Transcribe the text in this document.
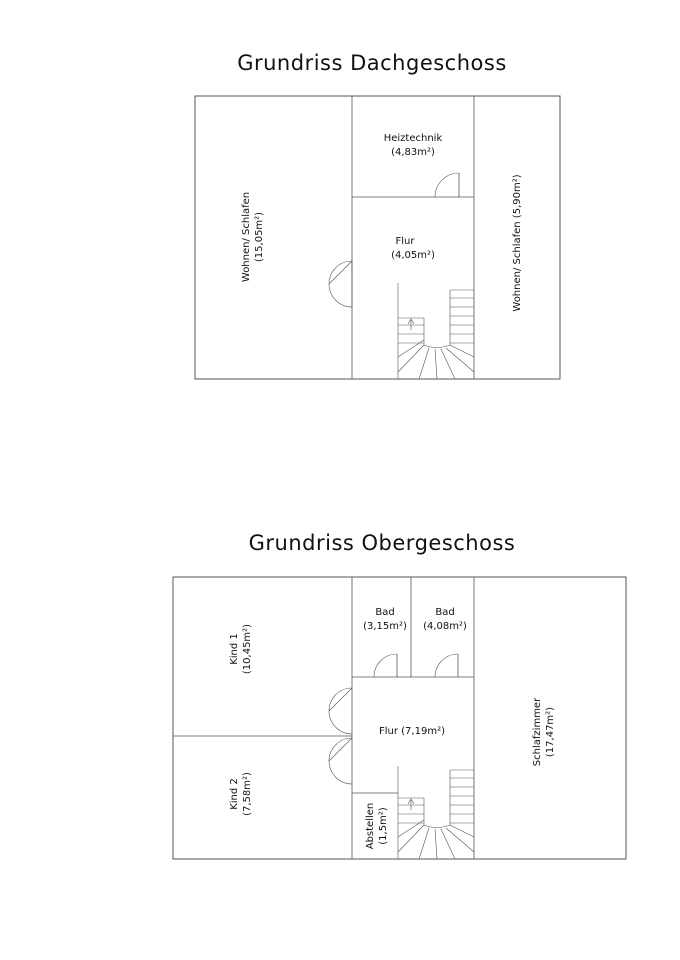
Grundriss Dachgeschoss
Heiztechnik
(4,83m²)
Flur
(4,05m²)
Wohnen/ Schlafen (15,05m²)	Wohnen/ Schlafen (5,90m²)
Grundriss Obergeschoss
Bad
(3,15m²)
Bad
(4,08m²)
Flur (7,19m²)
Kind 1 (10,45m²)
Kind 2 (7,58m²)
Abstellen (1,5m²)
Schlafzimmer (17,47m²)
